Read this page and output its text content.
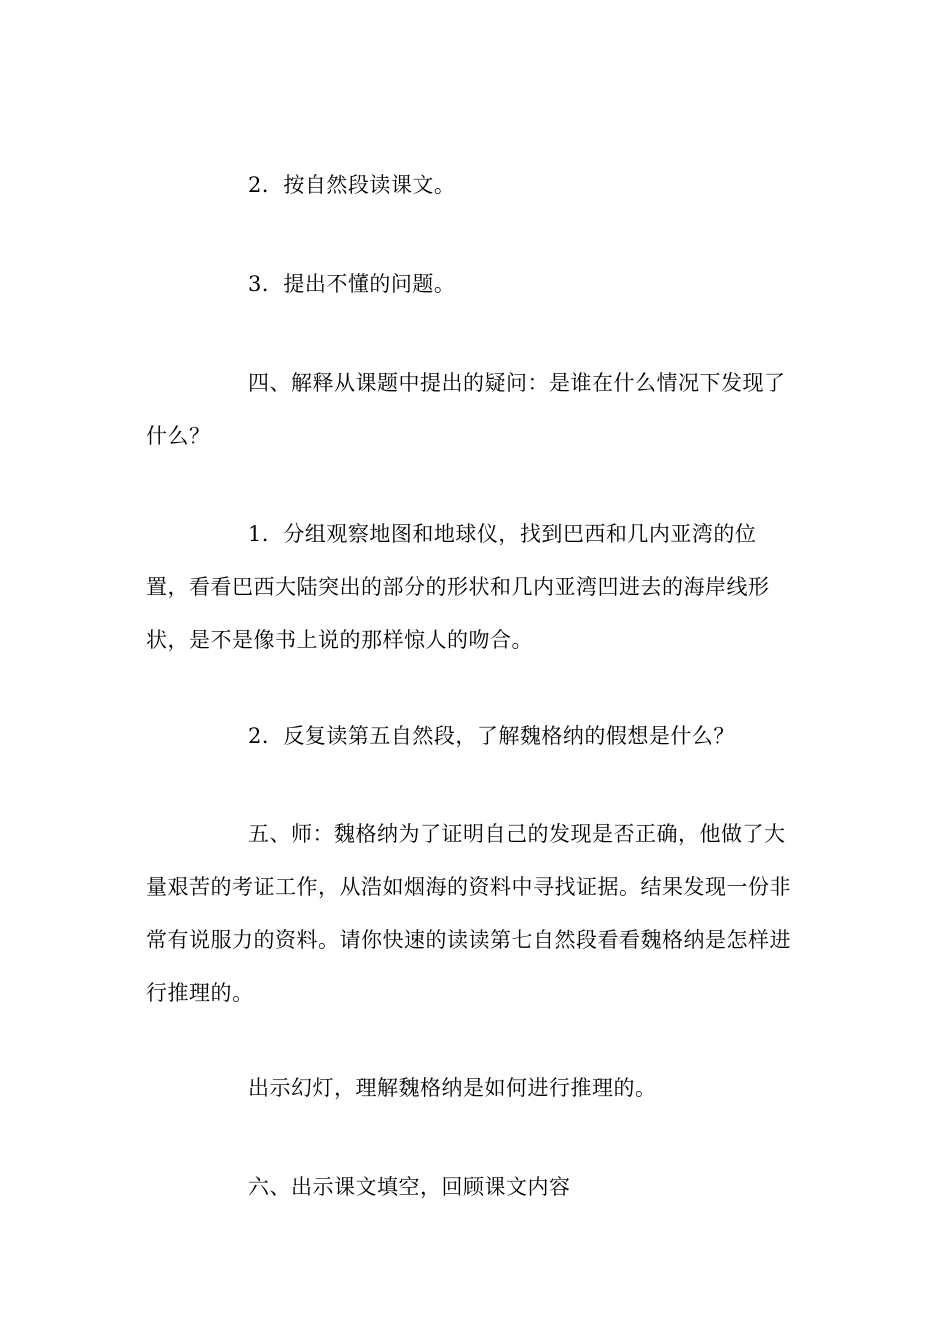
2．按自然段读课文。

3．提出不懂的问题。

四、解释从课题中提出的疑问：是谁在什么情况下发现了什么？

1．分组观察地图和地球仪，找到巴西和几内亚湾的位置，看看巴西大陆突出的部分的形状和几内亚湾凹进去的海岸线形状，是不是像书上说的那样惊人的吻合。

2．反复读第五自然段，了解魏格纳的假想是什么？

五、师：魏格纳为了证明自己的发现是否正确，他做了大量艰苦的考证工作，从浩如烟海的资料中寻找证据。结果发现一份非常有说服力的资料。请你快速的读读第七自然段看看魏格纳是怎样进行推理的。

出示幻灯，理解魏格纳是如何进行推理的。

六、出示课文填空，回顾课文内容
